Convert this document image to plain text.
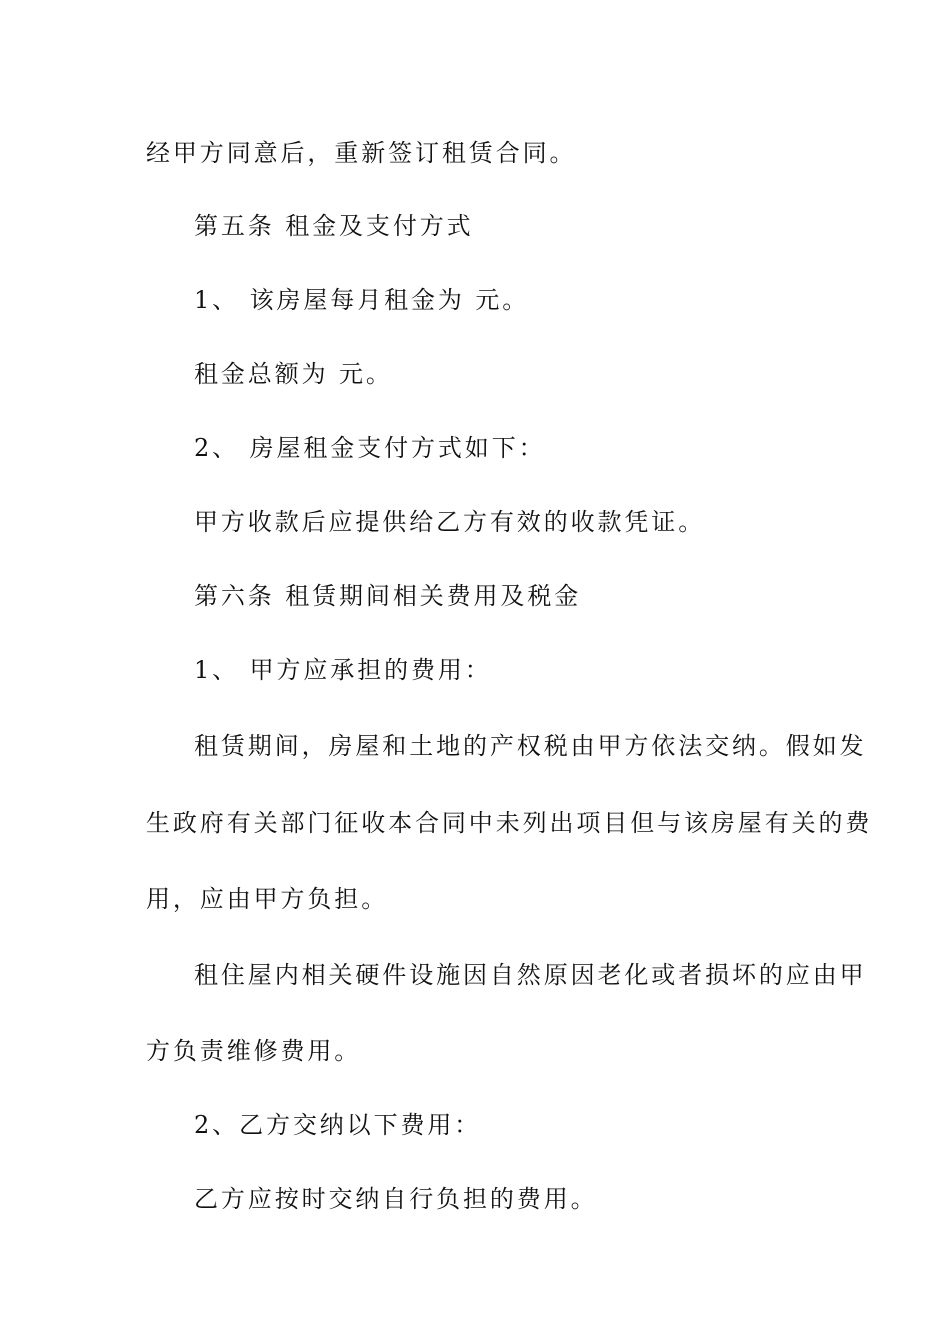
经甲方同意后，重新签订租赁合同。

第五条 租金及支付方式

1、 该房屋每月租金为 元。

租金总额为 元。

2、 房屋租金支付方式如下：

甲方收款后应提供给乙方有效的收款凭证。

第六条 租赁期间相关费用及税金

1、 甲方应承担的费用：

租赁期间，房屋和土地的产权税由甲方依法交纳。假如发

生政府有关部门征收本合同中未列出项目但与该房屋有关的费

用，应由甲方负担。

租住屋内相关硬件设施因自然原因老化或者损坏的应由甲

方负责维修费用。

2、乙方交纳以下费用：

乙方应按时交纳自行负担的费用。
